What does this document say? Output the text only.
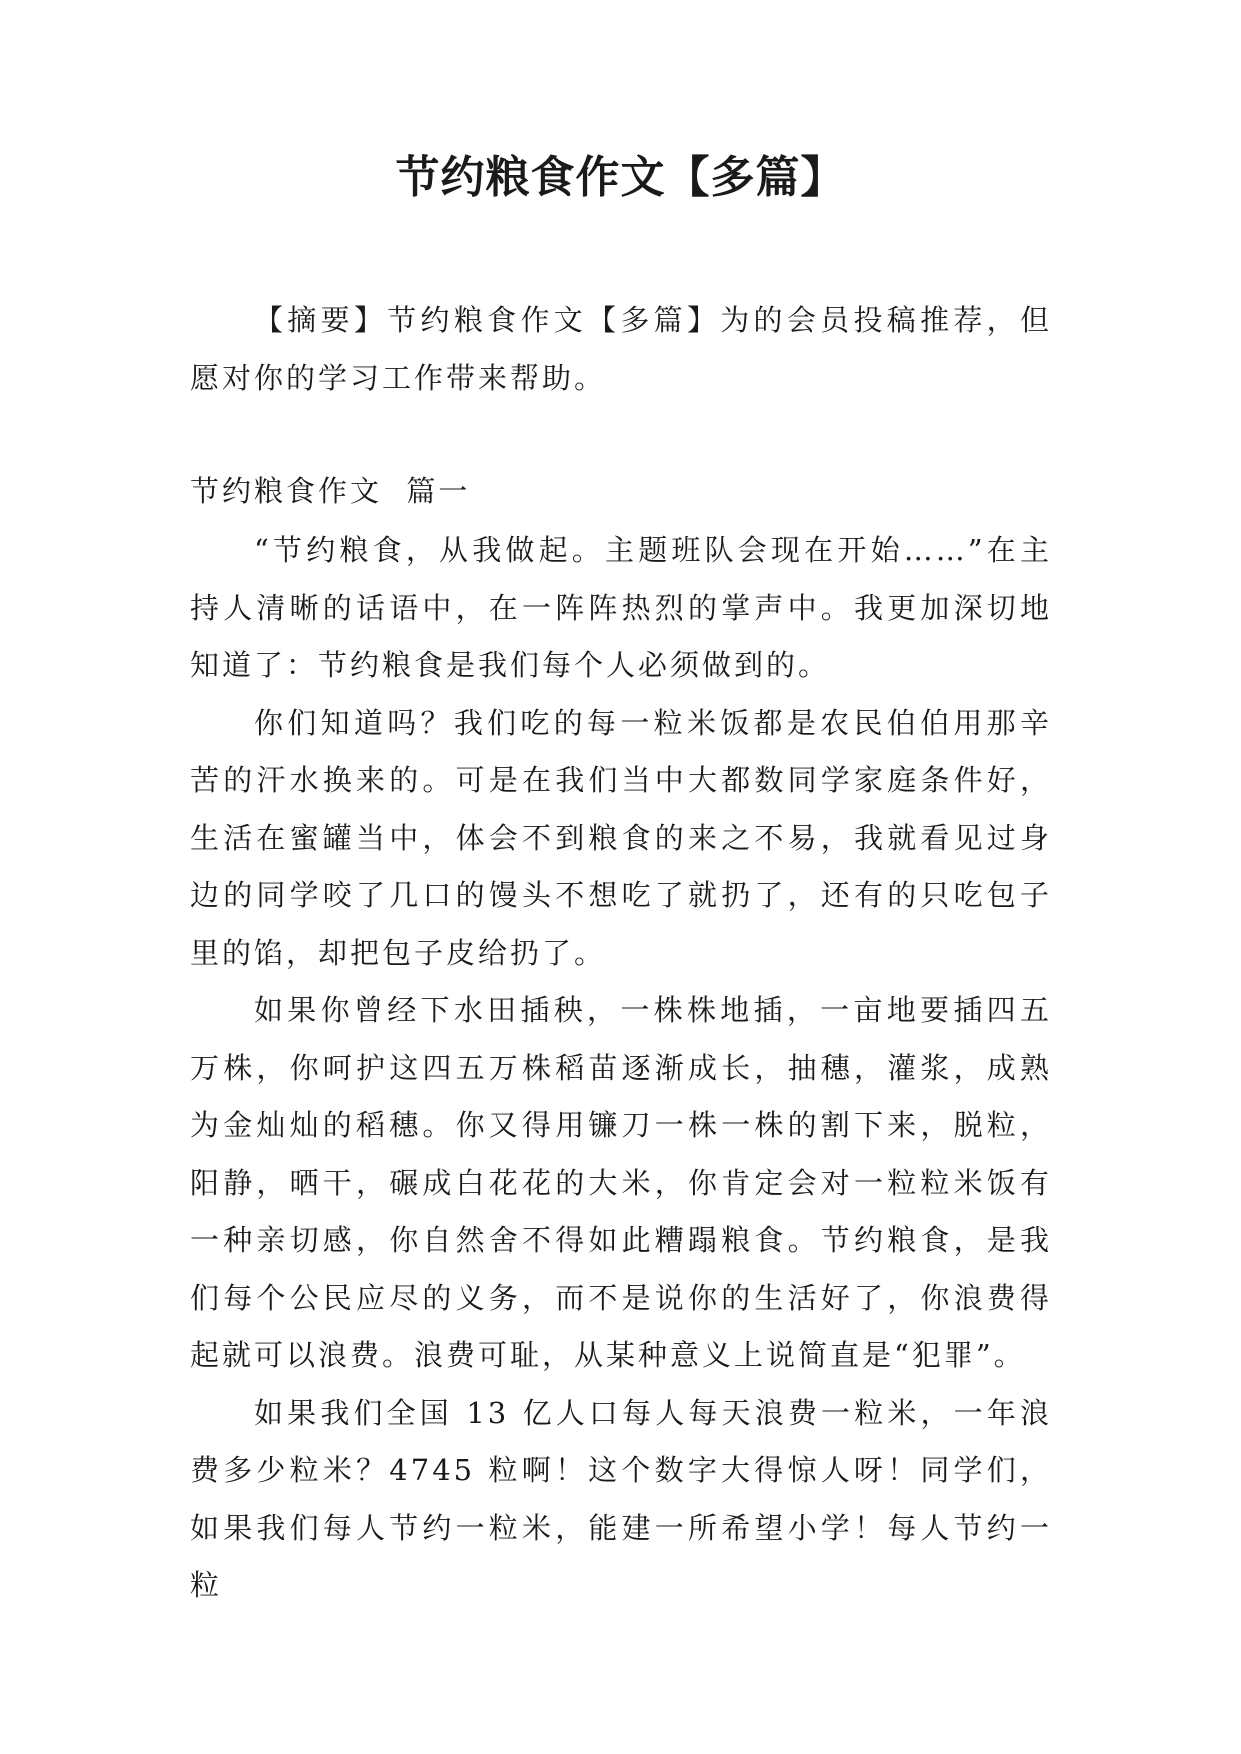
节约粮食作文【多篇】

【摘要】节约粮食作文【多篇】为的会员投稿推荐，但愿对你的学习工作带来帮助。

节约粮食作文  篇一

“节约粮食，从我做起。主题班队会现在开始……”在主持人清晰的话语中，在一阵阵热烈的掌声中。我更加深切地知道了：节约粮食是我们每个人必须做到的。

你们知道吗？我们吃的每一粒米饭都是农民伯伯用那辛苦的汗水换来的。可是在我们当中大都数同学家庭条件好，生活在蜜罐当中，体会不到粮食的来之不易，我就看见过身边的同学咬了几口的馒头不想吃了就扔了，还有的只吃包子里的馅，却把包子皮给扔了。

如果你曾经下水田插秧，一株株地插，一亩地要插四五万株，你呵护这四五万株稻苗逐渐成长，抽穗，灌浆，成熟为金灿灿的稻穗。你又得用镰刀一株一株的割下来，脱粒，阳静，晒干，碾成白花花的大米，你肯定会对一粒粒米饭有一种亲切感，你自然舍不得如此糟蹋粮食。节约粮食，是我们每个公民应尽的义务，而不是说你的生活好了，你浪费得起就可以浪费。浪费可耻，从某种意义上说简直是“犯罪”。

如果我们全国 13 亿人口每人每天浪费一粒米，一年浪费多少粒米？4745 粒啊！这个数字大得惊人呀！同学们，如果我们每人节约一粒米，能建一所希望小学！每人节约一粒
